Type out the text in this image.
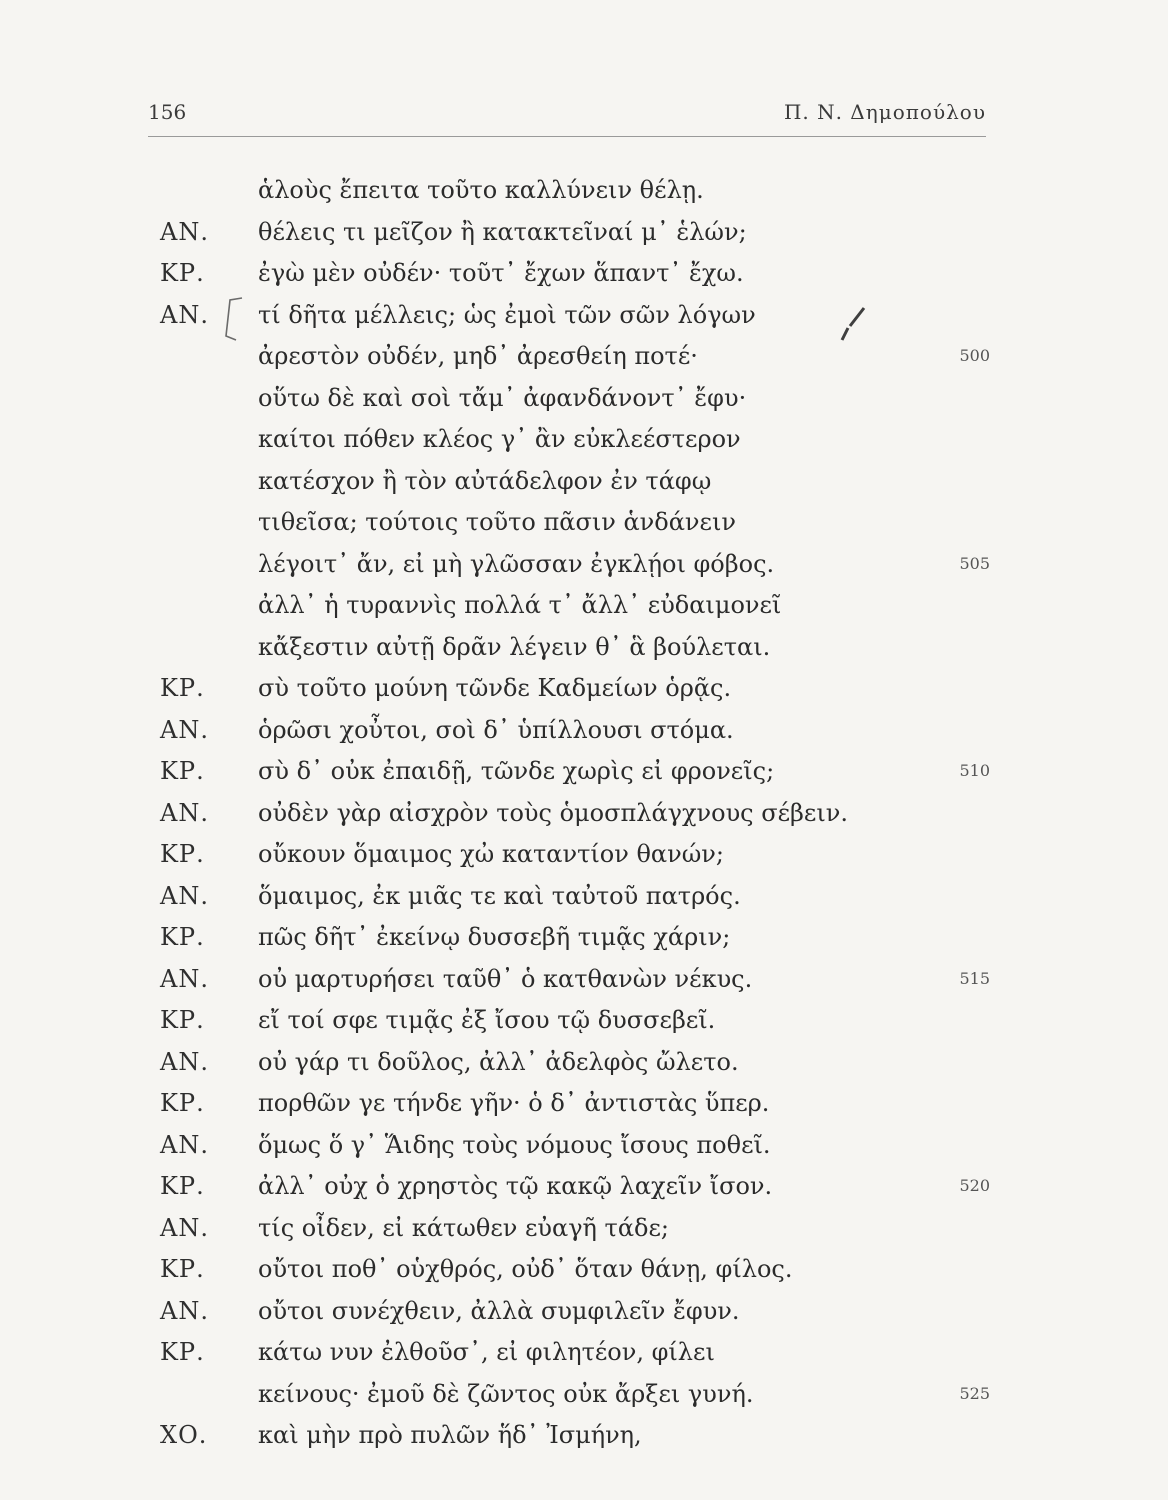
156	Π. Ν. Δημοπούλου
ἁλοὺς ἔπειτα τοῦτο καλλύνειν θέλῃ.
ΑΝ. θέλεις τι μεῖζον ἢ κατακτεῖναί μ᾽ ἑλών;
ΚΡ. ἐγὼ μὲν οὐδέν· τοῦτ᾽ ἔχων ἅπαντ᾽ ἔχω.
ΑΝ. τί δῆτα μέλλεις; ὡς ἐμοὶ τῶν σῶν λόγων
ἀρεστὸν οὐδέν, μηδ᾽ ἀρεσθείη ποτέ·	500
οὕτω δὲ καὶ σοὶ τἄμ᾽ ἀφανδάνοντ᾽ ἔφυ·
καίτοι πόθεν κλέος γ᾽ ἂν εὐκλεέστερον
κατέσχον ἢ τὸν αὐτάδελφον ἐν τάφῳ
τιθεῖσα; τούτοις τοῦτο πᾶσιν ἁνδάνειν
λέγοιτ᾽ ἄν, εἰ μὴ γλῶσσαν ἐγκλῄοι φόβος.	505
ἀλλ᾽ ἡ τυραννὶς πολλά τ᾽ ἄλλ᾽ εὐδαιμονεῖ
κἄξεστιν αὐτῇ δρᾶν λέγειν θ᾽ ἃ βούλεται.
ΚΡ. σὺ τοῦτο μούνη τῶνδε Καδμείων ὁρᾷς.
ΑΝ. ὁρῶσι χοὖτοι, σοὶ δ᾽ ὑπίλλουσι στόμα.
ΚΡ. σὺ δ᾽ οὐκ ἐπαιδῇ, τῶνδε χωρὶς εἰ φρονεῖς;	510
ΑΝ. οὐδὲν γὰρ αἰσχρὸν τοὺς ὁμοσπλάγχνους σέβειν.
ΚΡ. οὔκουν ὅμαιμος χὠ καταντίον θανών;
ΑΝ. ὅμαιμος, ἐκ μιᾶς τε καὶ ταὐτοῦ πατρός.
ΚΡ. πῶς δῆτ᾽ ἐκείνῳ δυσσεβῆ τιμᾷς χάριν;
ΑΝ. οὐ μαρτυρήσει ταῦθ᾽ ὁ κατθανὼν νέκυς.	515
ΚΡ. εἴ τοί σφε τιμᾷς ἐξ ἴσου τῷ δυσσεβεῖ.
ΑΝ. οὐ γάρ τι δοῦλος, ἀλλ᾽ ἀδελφὸς ὤλετο.
ΚΡ. πορθῶν γε τήνδε γῆν· ὁ δ᾽ ἀντιστὰς ὕπερ.
ΑΝ. ὅμως ὅ γ᾽ Ἅιδης τοὺς νόμους ἴσους ποθεῖ.
ΚΡ. ἀλλ᾽ οὐχ ὁ χρηστὸς τῷ κακῷ λαχεῖν ἴσον.	520
ΑΝ. τίς οἶδεν, εἰ κάτωθεν εὐαγῆ τάδε;
ΚΡ. οὔτοι ποθ᾽ οὑχθρός, οὐδ᾽ ὅταν θάνῃ, φίλος.
ΑΝ. οὔτοι συνέχθειν, ἀλλὰ συμφιλεῖν ἔφυν.
ΚΡ. κάτω νυν ἐλθοῦσ᾽, εἰ φιλητέον, φίλει
κείνους· ἐμοῦ δὲ ζῶντος οὐκ ἄρξει γυνή.	525
ΧΟ. καὶ μὴν πρὸ πυλῶν ἥδ᾽ Ἰσμήνη,
